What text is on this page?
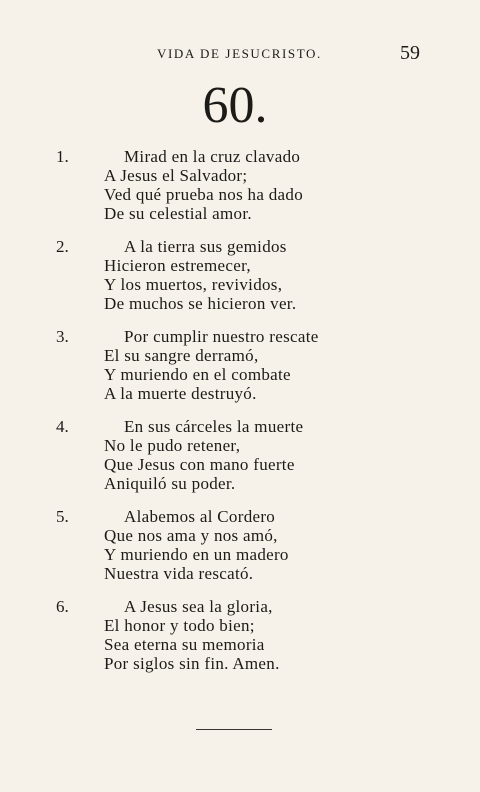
VIDA DE JESUCRISTO.	59
60.
1.	Mirad en la cruz clavado
A Jesus el Salvador;
Ved qué prueba nos ha dado
De su celestial amor.
2.	A la tierra sus gemidos
Hicieron estremecer,
Y los muertos, revividos,
De muchos se hicieron ver.
3.	Por cumplir nuestro rescate
El su sangre derramó,
Y muriendo en el combate
A la muerte destruyó.
4.	En sus cárceles la muerte
No le pudo retener,
Que Jesus con mano fuerte
Aniquiló su poder.
5.	Alabemos al Cordero
Que nos ama y nos amó,
Y muriendo en un madero
Nuestra vida rescató.
6.	A Jesus sea la gloria,
El honor y todo bien;
Sea eterna su memoria
Por siglos sin fin. Amen.
